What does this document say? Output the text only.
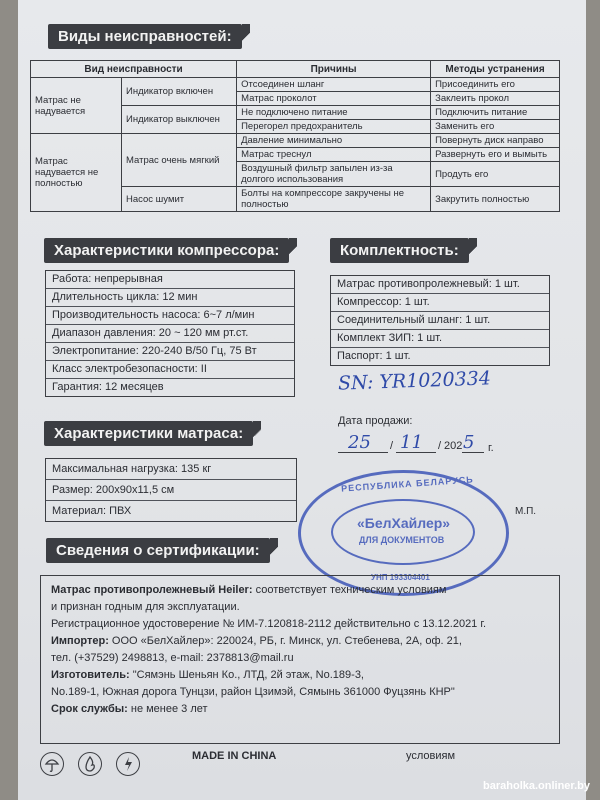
Виды неисправностей:
Вид неисправности		Причины	Методы устранения
Матрас не надувается	Индикатор включен	Отсоединен шланг	Присоединить его
		Матрас проколот	Заклеить прокол
	Индикатор выключен	Не подключено питание	Подключить питание
		Перегорел предохранитель	Заменить его
Матрас надувается не полностью	Матрас очень мягкий	Давление минимально	Повернуть диск направо
		Матрас треснул	Развернуть его и вымыть
		Воздушный фильтр запылен из-за долгого использования	Продуть его
	Насос шумит	Болты на компрессоре закручены не полностью	Закрутить полностью
Характеристики компрессора:
Работа: непрерывная
Длительность цикла: 12 мин
Производительность насоса: 6~7 л/мин
Диапазон давления: 20 ~ 120 мм рт.ст.
Электропитание: 220-240 В/50 Гц, 75 Вт
Класс электробезопасности: II
Гарантия: 12 месяцев
Комплектность:
Матрас противопролежневый: 1 шт.
Компрессор: 1 шт.
Соединительный шланг: 1 шт.
Комплект ЗИП: 1 шт.
Паспорт: 1 шт.
SN: YR1020334
Характеристики матраса:
Максимальная нагрузка: 135 кг
Размер: 200х90х11,5 см
Материал: ПВХ
Дата продажи:
25 / 11 / 202 5 г.
РЕСПУБЛИКА БЕЛАРУСЬ
«БелХайлер»
ДЛЯ ДОКУМЕНТОВ
УНП 193304401
М.П.
Сведения о сертификации:
Матрас противопролежневый Heiler: соответствует техническим условиям
и признан годным для эксплуатации.
Регистрационное удостоверение № ИМ-7.120818-2112 действительно с 13.12.2021 г.
Импортер: ООО «БелХайлер»: 220024, РБ, г. Минск, ул. Стебенева, 2А, оф. 21,
тел. (+37529) 2498813, e-mail: 2378813@mail.ru
Изготовитель: "Сямэнь Шеньян Ко., ЛТД, 2й этаж, No.189-3,
No.189-1, Южная дорога Тунцзи, район Цзимэй, Сямынь 361000 Фуцзянь КНР"
Срок службы: не менее 3 лет
MADE IN CHINA	условиям
baraholka.onliner.by
